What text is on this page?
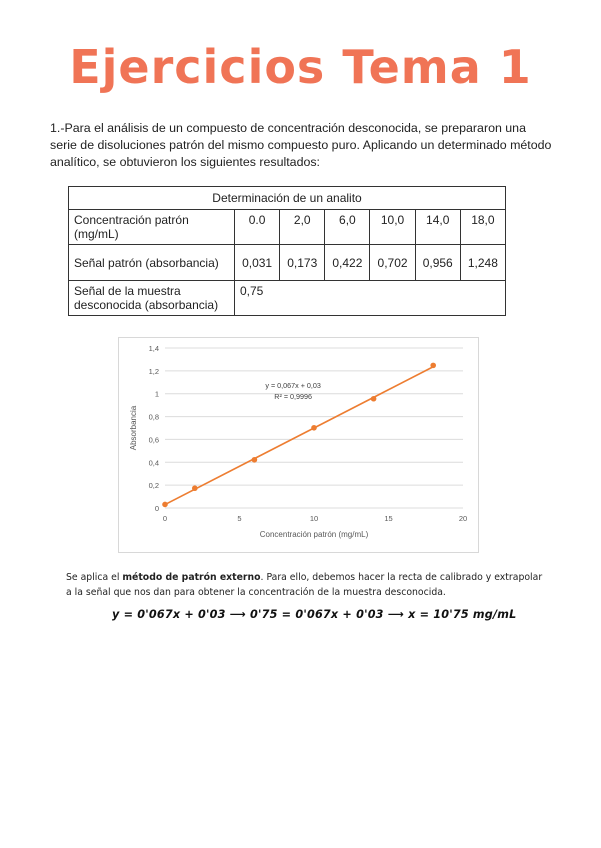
Ejercicios Tema 1
1.-Para el análisis de un compuesto de concentración desconocida, se prepararon una serie de disoluciones patrón del mismo compuesto puro. Aplicando un determinado método analítico, se obtuvieron los siguientes resultados:
Determinación de un analito						
Concentración patrón (mg/mL)	0.0	2,0	6,0	10,0	14,0	18,0
Señal patrón (absorbancia)	0,031	0,173	0,422	0,702	0,956	1,248
Señal de la muestra desconocida (absorbancia)	0,75					
0
0,2
0,4
0,6
0,8
1
1,2
1,4
0	5	10	15	20
Concentración patrón (mg/mL)
Absorbancia
y = 0,067x + 0,03
R² = 0,9996
Se aplica el método de patrón externo. Para ello, debemos hacer la recta de calibrado y extrapolar a la señal que nos dan para obtener la concentración de la muestra desconocida.
y = 0'067x + 0'03 ⟶ 0'75 = 0'067x + 0'03 ⟶ x = 10'75 mg/mL
